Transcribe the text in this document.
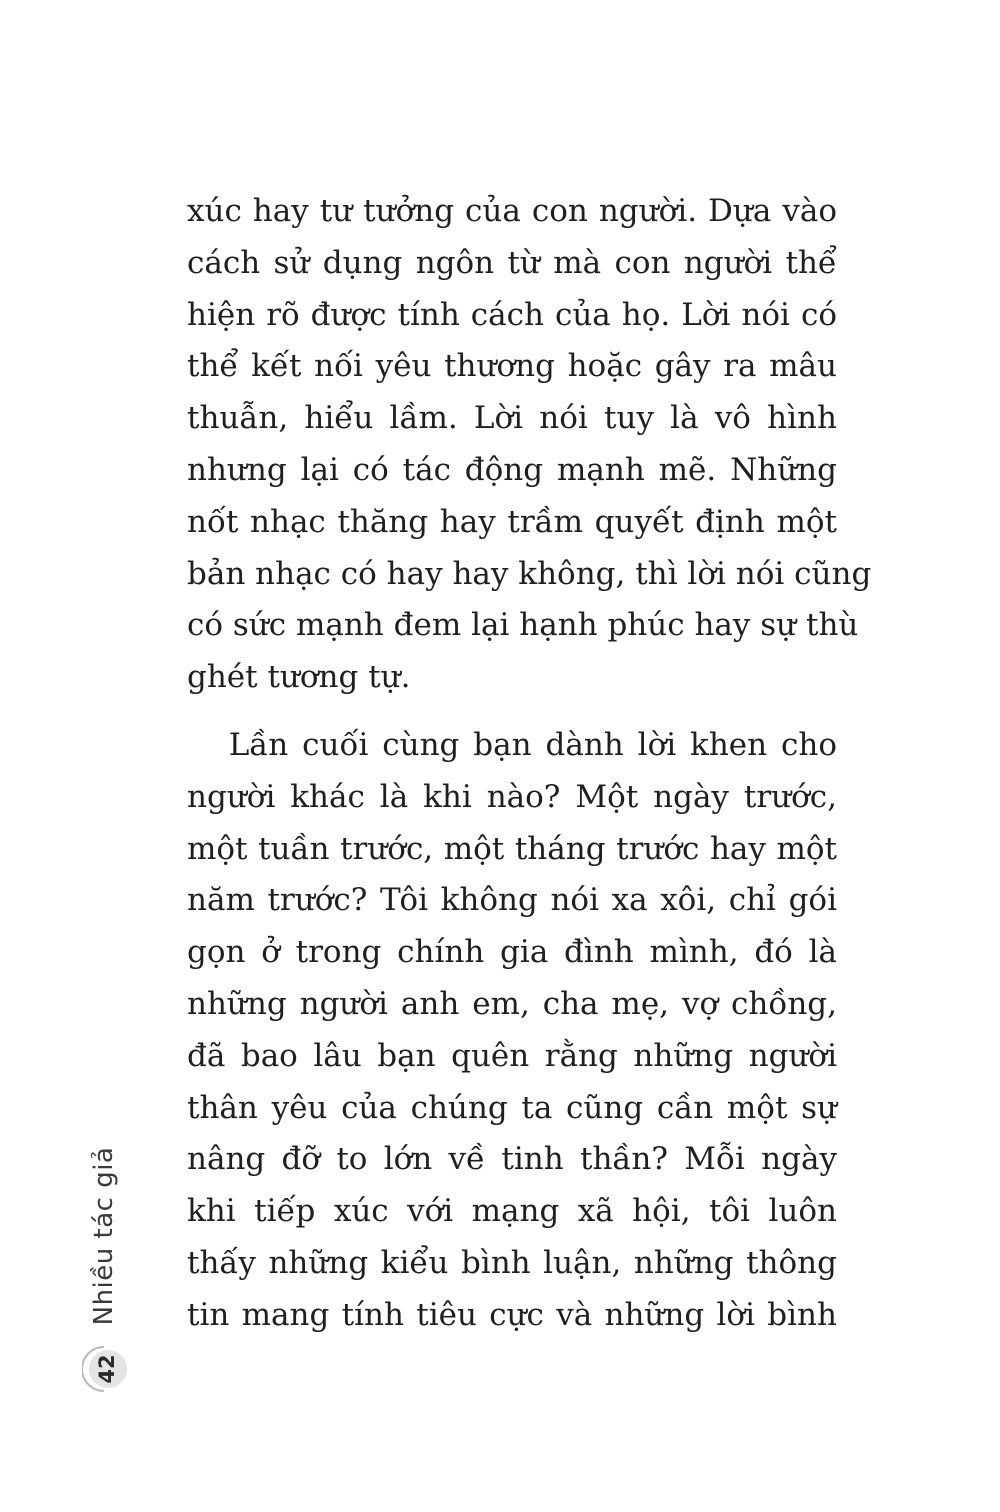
xúc hay tư tưởng của con người. Dựa vào
cách sử dụng ngôn từ mà con người thể
hiện rõ được tính cách của họ. Lời nói có
thể kết nối yêu thương hoặc gây ra mâu
thuẫn, hiểu lầm. Lời nói tuy là vô hình
nhưng lại có tác động mạnh mẽ. Những
nốt nhạc thăng hay trầm quyết định một
bản nhạc có hay hay không, thì lời nói cũng
có sức mạnh đem lại hạnh phúc hay sự thù
ghét tương tự.
Lần cuối cùng bạn dành lời khen cho
người khác là khi nào? Một ngày trước,
một tuần trước, một tháng trước hay một
năm trước? Tôi không nói xa xôi, chỉ gói
gọn ở trong chính gia đình mình, đó là
những người anh em, cha mẹ, vợ chồng,
đã bao lâu bạn quên rằng những người
thân yêu của chúng ta cũng cần một sự
nâng đỡ to lớn về tinh thần? Mỗi ngày
khi tiếp xúc với mạng xã hội, tôi luôn
thấy những kiểu bình luận, những thông
tin mang tính tiêu cực và những lời bình
Nhiều tác giả
42
